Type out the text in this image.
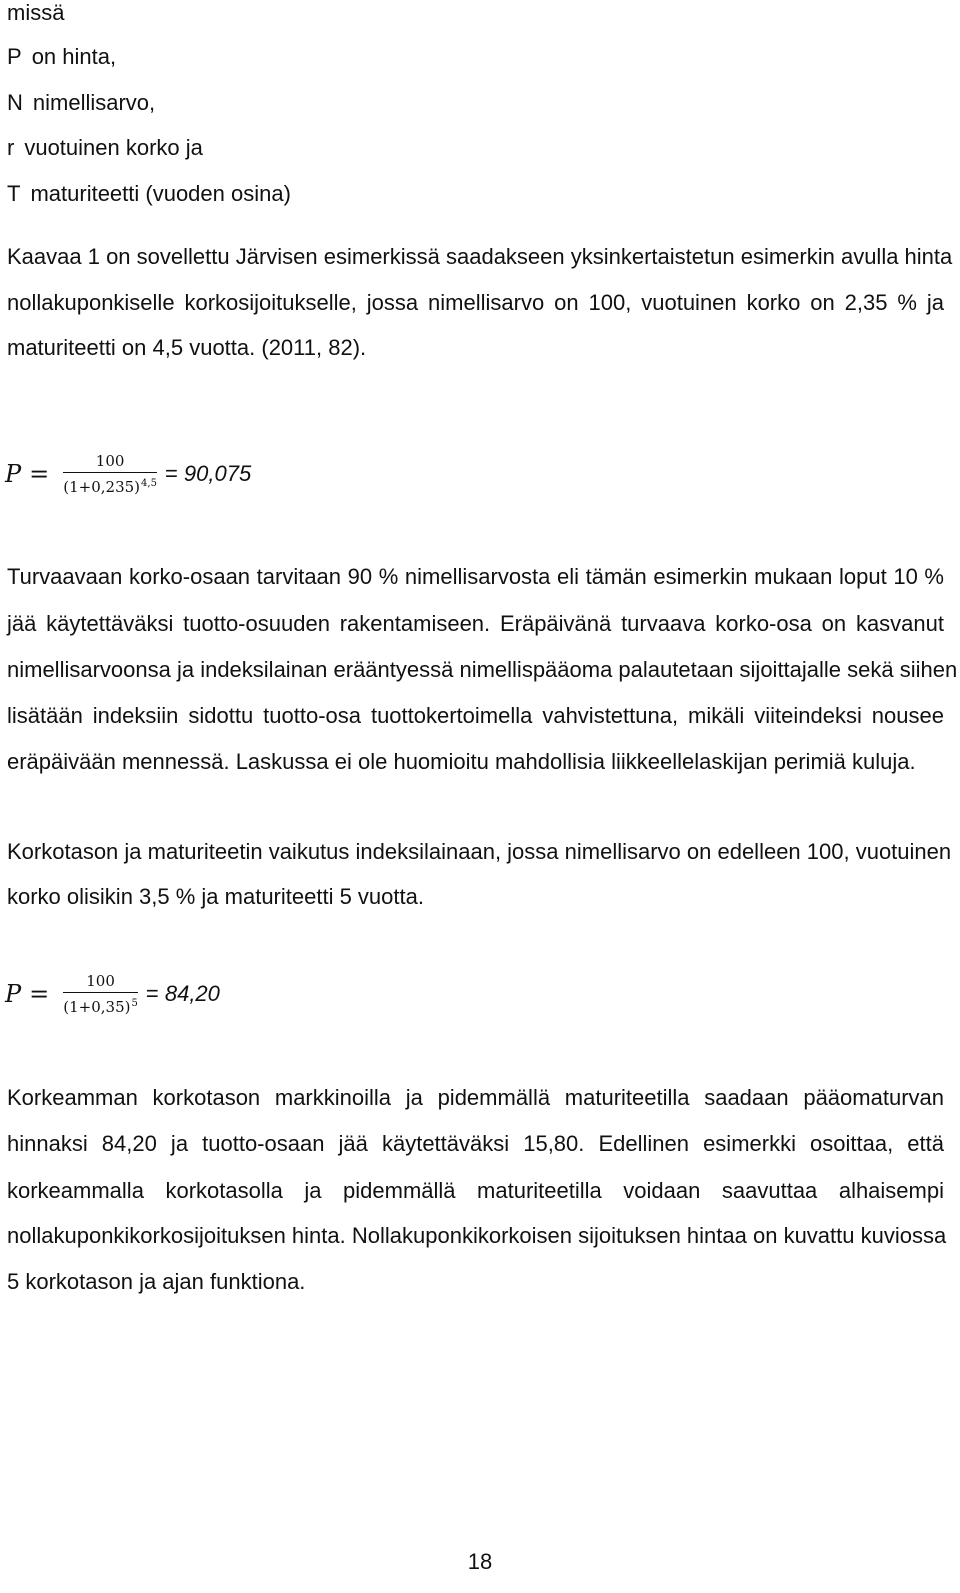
missä
P on hinta,
N nimellisarvo,
r vuotuinen korko ja
T maturiteetti (vuoden osina)
Kaavaa 1 on sovellettu Järvisen esimerkissä saadakseen yksinkertaistetun esimerkin avulla hinta
nollakuponkiselle korkosijoitukselle, jossa nimellisarvo on 100, vuotuinen korko on 2,35 % ja
maturiteetti on 4,5 vuotta. (2011, 82).
$P = \frac{100}{(1+0,235)^{4,5}} = 90,075$
Turvaavaan korko-osaan tarvitaan 90 % nimellisarvosta eli tämän esimerkin mukaan loput 10 %
jää käytettäväksi tuotto-osuuden rakentamiseen. Eräpäivänä turvaava korko-osa on kasvanut
nimellisarvoonsa ja indeksilainan erääntyessä nimellispääoma palautetaan sijoittajalle sekä siihen
lisätään indeksiin sidottu tuotto-osa tuottokertoimella vahvistettuna, mikäli viiteindeksi nousee
eräpäivään mennessä. Laskussa ei ole huomioitu mahdollisia liikkeellelaskijan perimiä kuluja.
Korkotason ja maturiteetin vaikutus indeksilainaan, jossa nimellisarvo on edelleen 100, vuotuinen
korko olisikin 3,5 % ja maturiteetti 5 vuotta.
$P = \frac{100}{(1+0,35)^5} = 84,20$
Korkeamman korkotason markkinoilla ja pidemmällä maturiteetilla saadaan pääomaturvan
hinnaksi 84,20 ja tuotto-osaan jää käytettäväksi 15,80. Edellinen esimerkki osoittaa, että
korkeammalla korkotasolla ja pidemmällä maturiteetilla voidaan saavuttaa alhaisempi
nollakuponkikorkosijoituksen hinta. Nollakuponkikorkoisen sijoituksen hintaa on kuvattu kuviossa
5 korkotason ja ajan funktiona.
18
